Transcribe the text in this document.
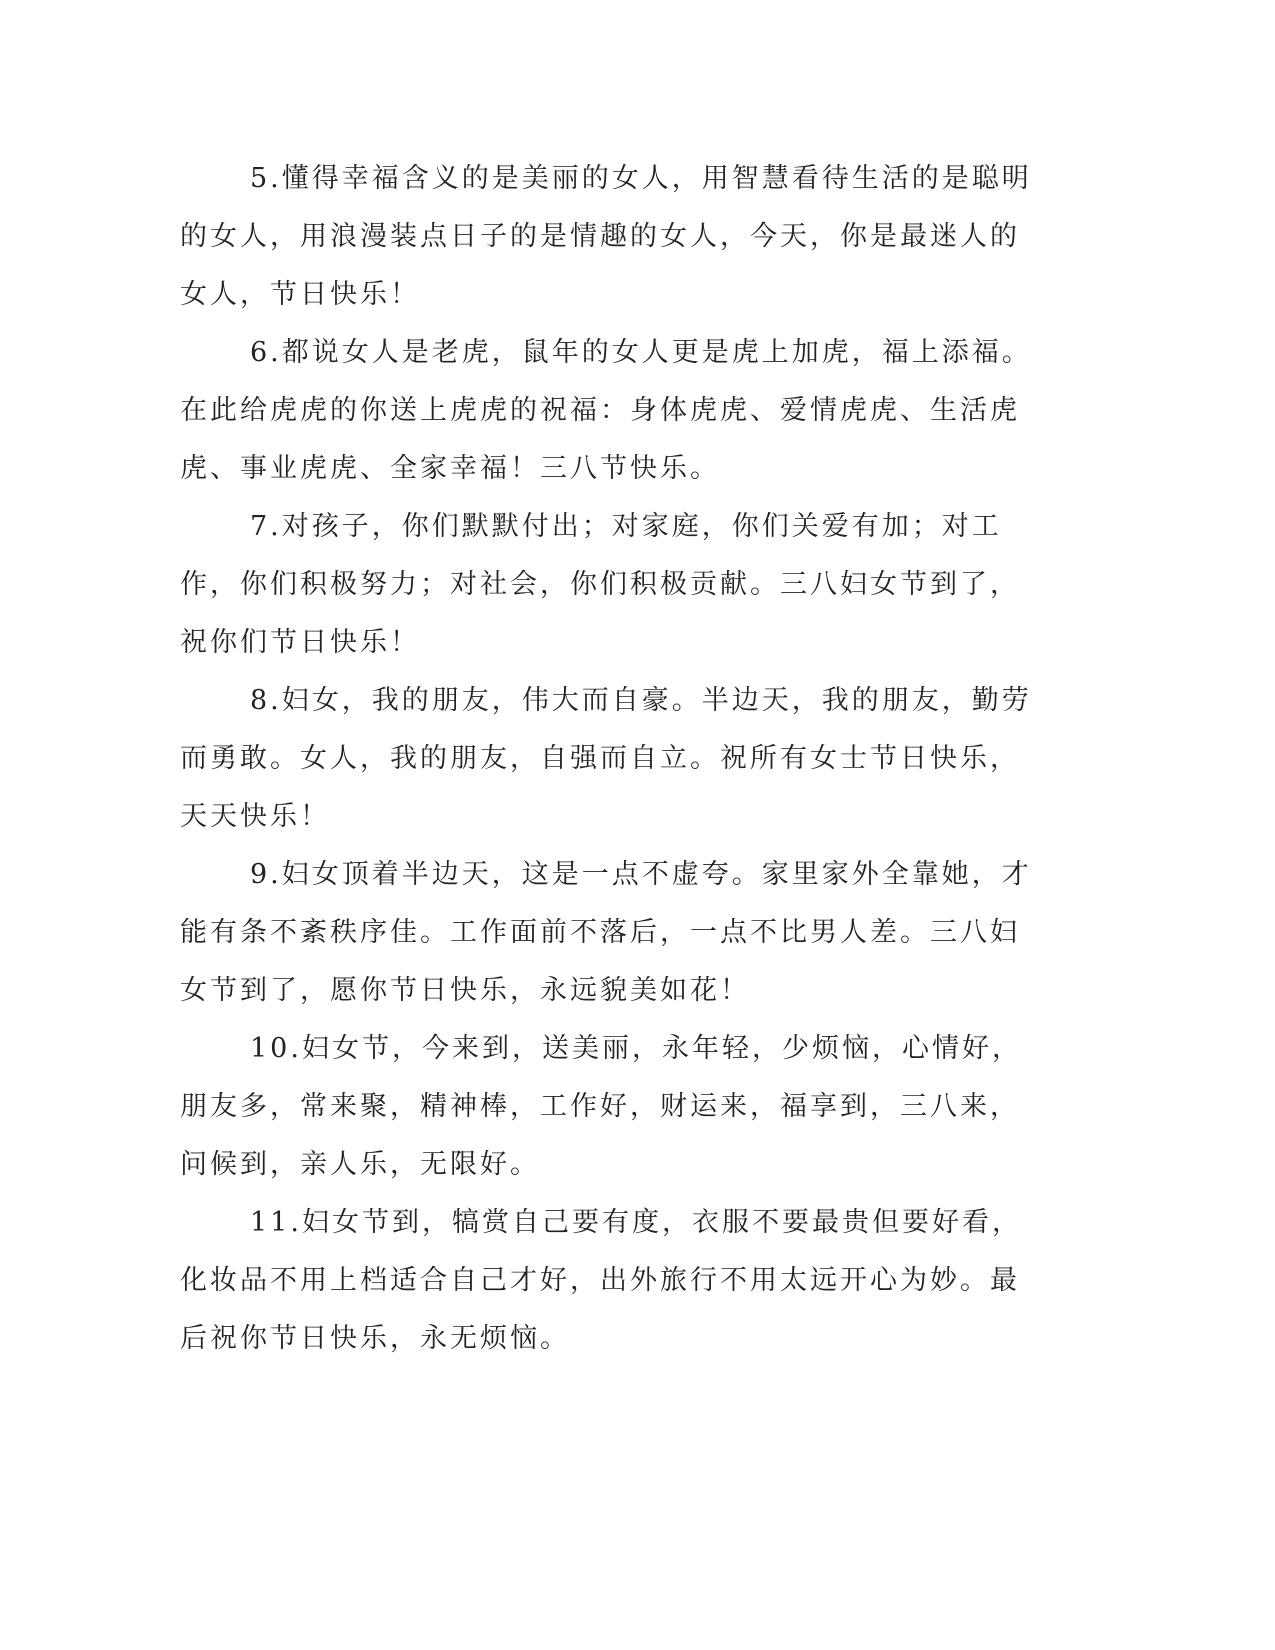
5.懂得幸福含义的是美丽的女人，用智慧看待生活的是聪明的女人，用浪漫装点日子的是情趣的女人，今天，你是最迷人的女人，节日快乐！

6.都说女人是老虎，鼠年的女人更是虎上加虎，福上添福。在此给虎虎的你送上虎虎的祝福：身体虎虎、爱情虎虎、生活虎虎、事业虎虎、全家幸福！三八节快乐。

7.对孩子，你们默默付出；对家庭，你们关爱有加；对工作，你们积极努力；对社会，你们积极贡献。三八妇女节到了，祝你们节日快乐！

8.妇女，我的朋友，伟大而自豪。半边天，我的朋友，勤劳而勇敢。女人，我的朋友，自强而自立。祝所有女士节日快乐，天天快乐！

9.妇女顶着半边天，这是一点不虚夸。家里家外全靠她，才能有条不紊秩序佳。工作面前不落后，一点不比男人差。三八妇女节到了，愿你节日快乐，永远貌美如花！

10.妇女节，今来到，送美丽，永年轻，少烦恼，心情好，朋友多，常来聚，精神棒，工作好，财运来，福享到，三八来，问候到，亲人乐，无限好。

11.妇女节到，犒赏自己要有度，衣服不要最贵但要好看，化妆品不用上档适合自己才好，出外旅行不用太远开心为妙。最后祝你节日快乐，永无烦恼。
